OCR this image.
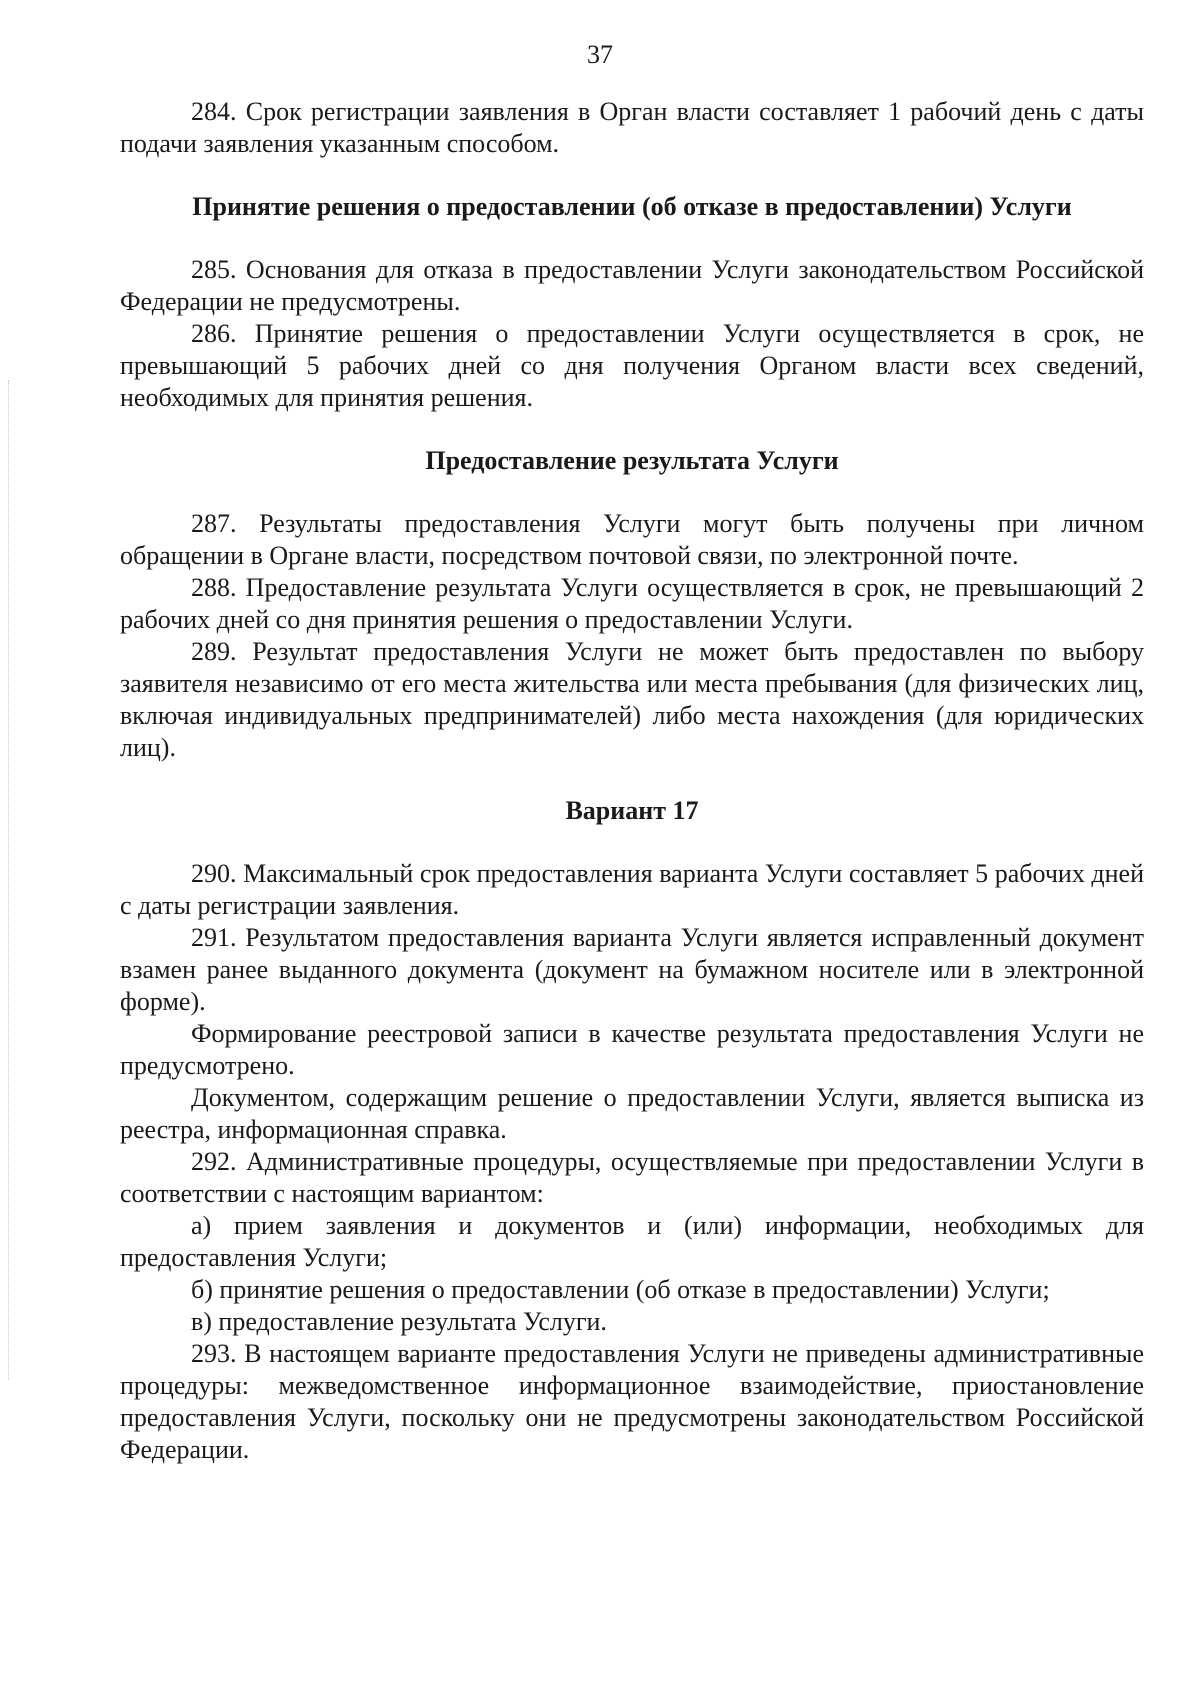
37

284. Срок регистрации заявления в Орган власти составляет 1 рабочий день с даты подачи заявления указанным способом.

Принятие решения о предоставлении (об отказе в предоставлении) Услуги

285. Основания для отказа в предоставлении Услуги законодательством Российской Федерации не предусмотрены.

286. Принятие решения о предоставлении Услуги осуществляется в срок, не превышающий 5 рабочих дней со дня получения Органом власти всех сведений, необходимых для принятия решения.

Предоставление результата Услуги

287. Результаты предоставления Услуги могут быть получены при личном обращении в Органе власти, посредством почтовой связи, по электронной почте.

288. Предоставление результата Услуги осуществляется в срок, не превышающий 2 рабочих дней со дня принятия решения о предоставлении Услуги.

289. Результат предоставления Услуги не может быть предоставлен по выбору заявителя независимо от его места жительства или места пребывания (для физических лиц, включая индивидуальных предпринимателей) либо места нахождения (для юридических лиц).

Вариант 17

290. Максимальный срок предоставления варианта Услуги составляет 5 рабочих дней с даты регистрации заявления.

291. Результатом предоставления варианта Услуги является исправленный документ взамен ранее выданного документа (документ на бумажном носителе или в электронной форме).

Формирование реестровой записи в качестве результата предоставления Услуги не предусмотрено.

Документом, содержащим решение о предоставлении Услуги, является выписка из реестра, информационная справка.

292. Административные процедуры, осуществляемые при предоставлении Услуги в соответствии с настоящим вариантом:

а) прием заявления и документов и (или) информации, необходимых для предоставления Услуги;

б) принятие решения о предоставлении (об отказе в предоставлении) Услуги;

в) предоставление результата Услуги.

293. В настоящем варианте предоставления Услуги не приведены административные процедуры: межведомственное информационное взаимодействие, приостановление предоставления Услуги, поскольку они не предусмотрены законодательством Российской Федерации.
